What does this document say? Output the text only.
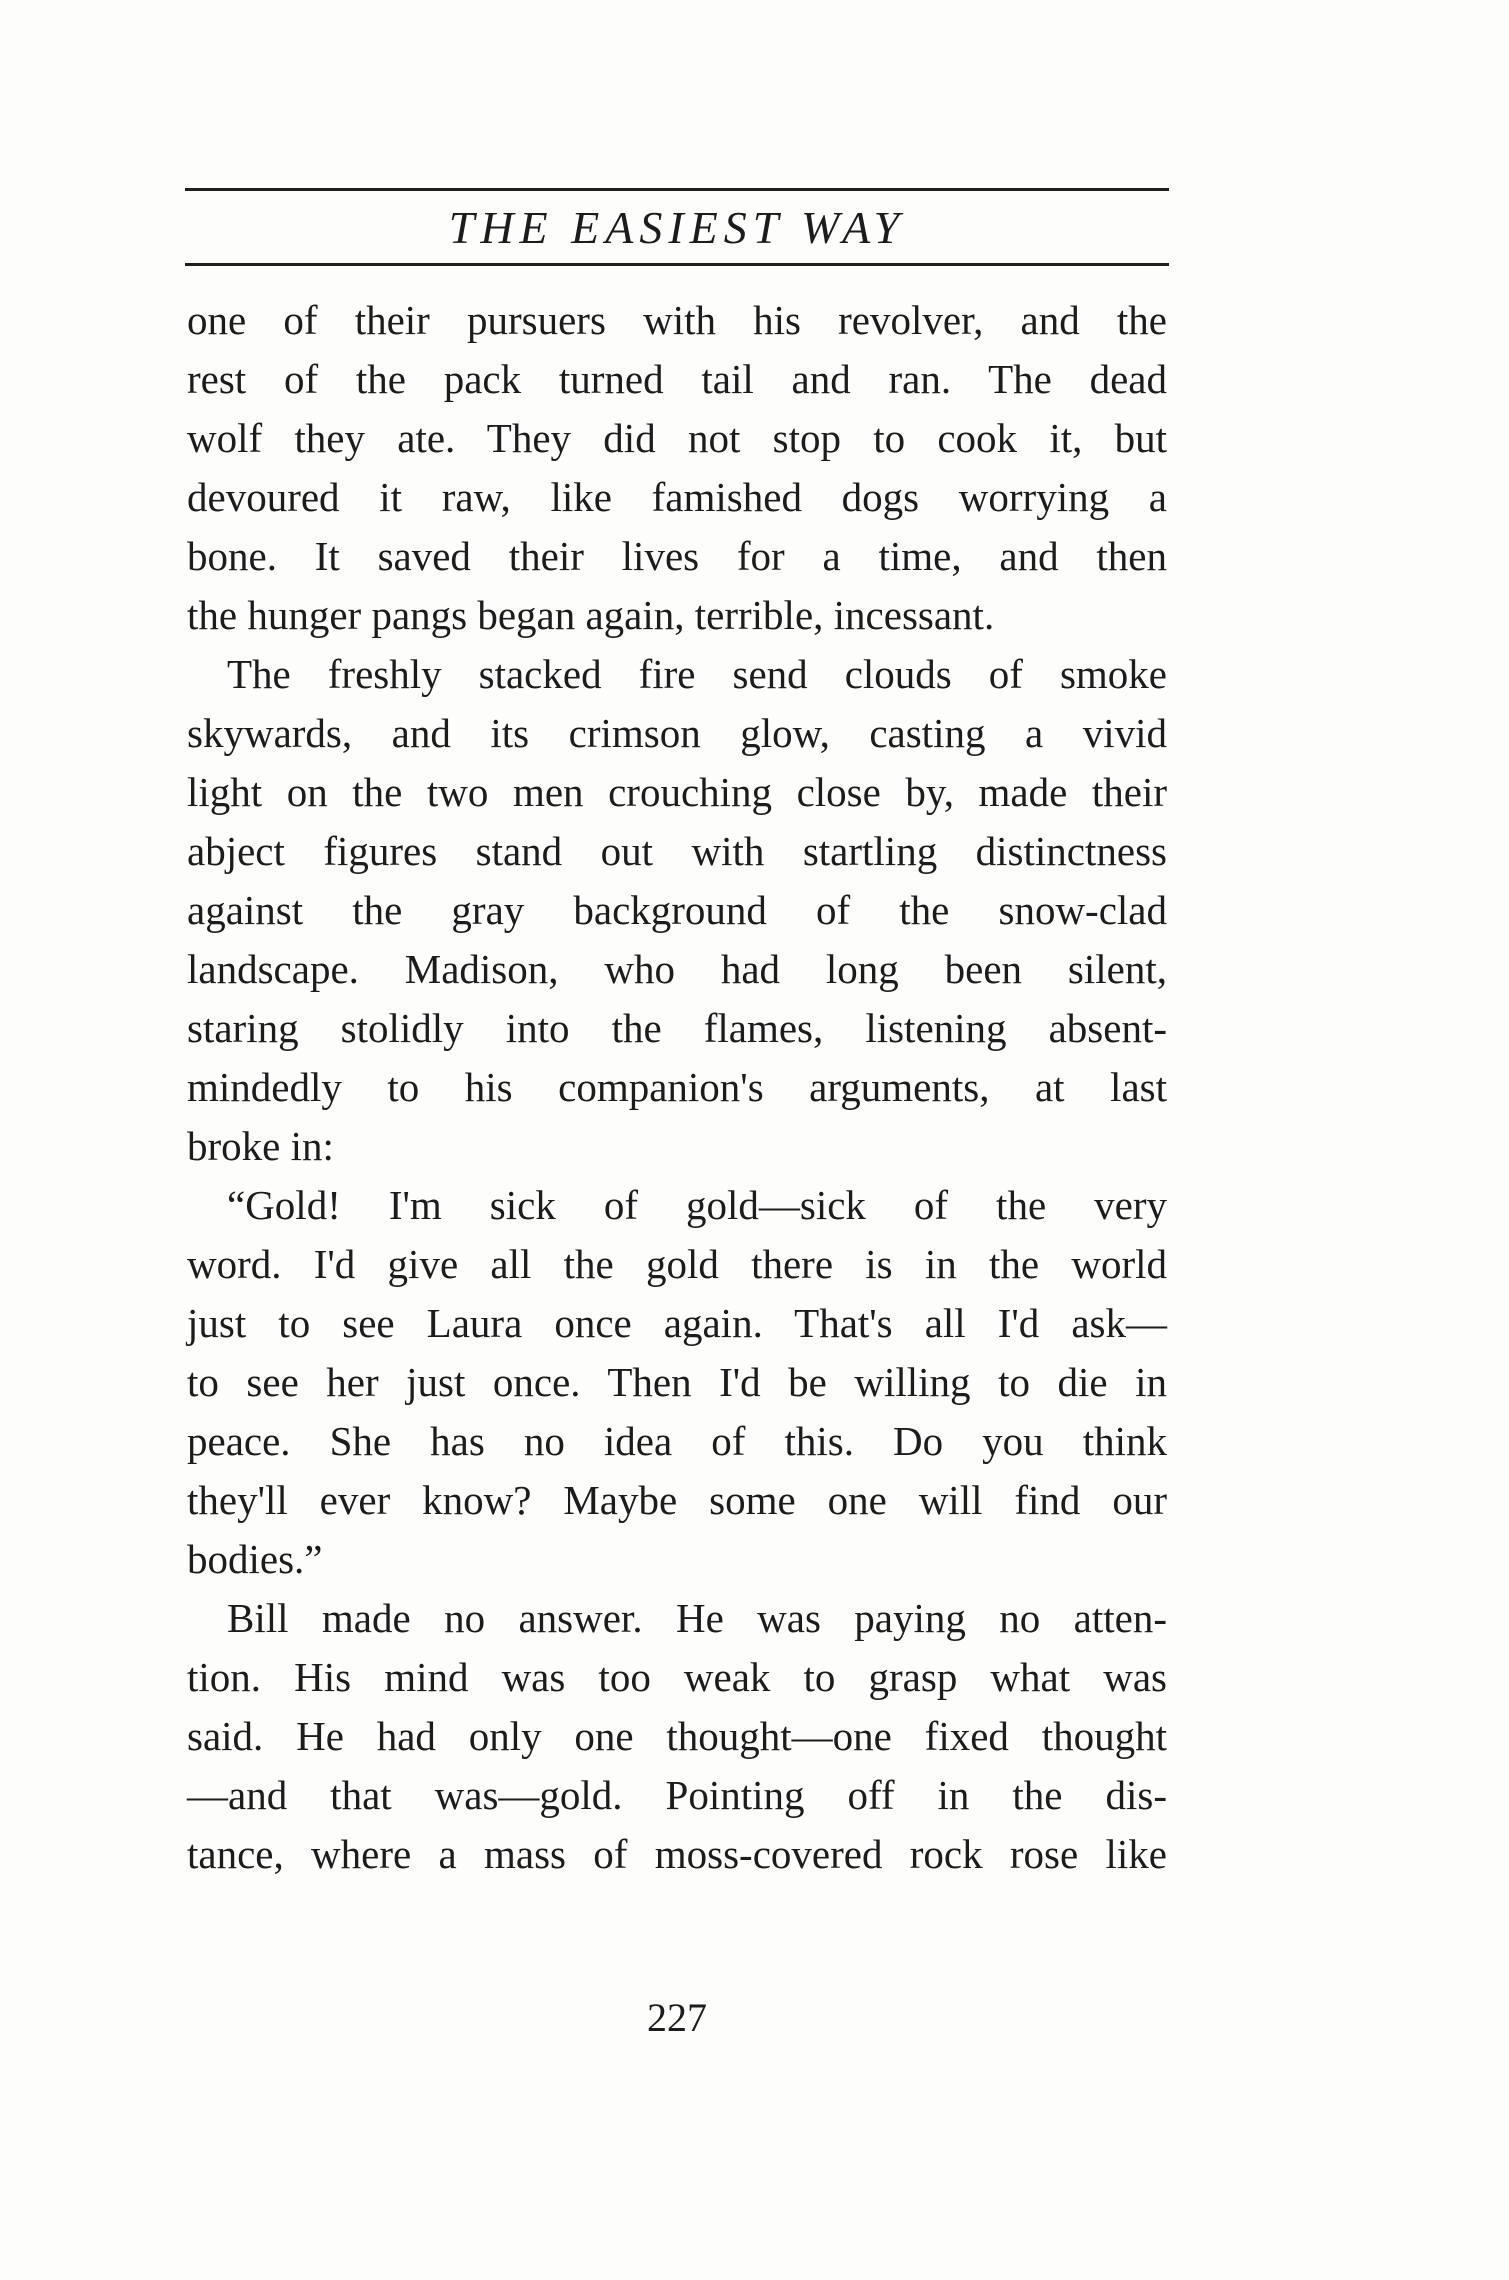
THE EASIEST WAY
one of their pursuers with his revolver, and the
rest of the pack turned tail and ran. The dead
wolf they ate. They did not stop to cook it, but
devoured it raw, like famished dogs worrying a
bone. It saved their lives for a time, and then
the hunger pangs began again, terrible, incessant.
The freshly stacked fire send clouds of smoke
skywards, and its crimson glow, casting a vivid
light on the two men crouching close by, made their
abject figures stand out with startling distinctness
against the gray background of the snow-clad
landscape. Madison, who had long been silent,
staring stolidly into the flames, listening absent-
mindedly to his companion's arguments, at last
broke in:
“Gold! I'm sick of gold—sick of the very
word. I'd give all the gold there is in the world
just to see Laura once again. That's all I'd ask—
to see her just once. Then I'd be willing to die in
peace. She has no idea of this. Do you think
they'll ever know? Maybe some one will find our
bodies.”
Bill made no answer. He was paying no atten-
tion. His mind was too weak to grasp what was
said. He had only one thought—one fixed thought
—and that was—gold. Pointing off in the dis-
tance, where a mass of moss-covered rock rose like
227
